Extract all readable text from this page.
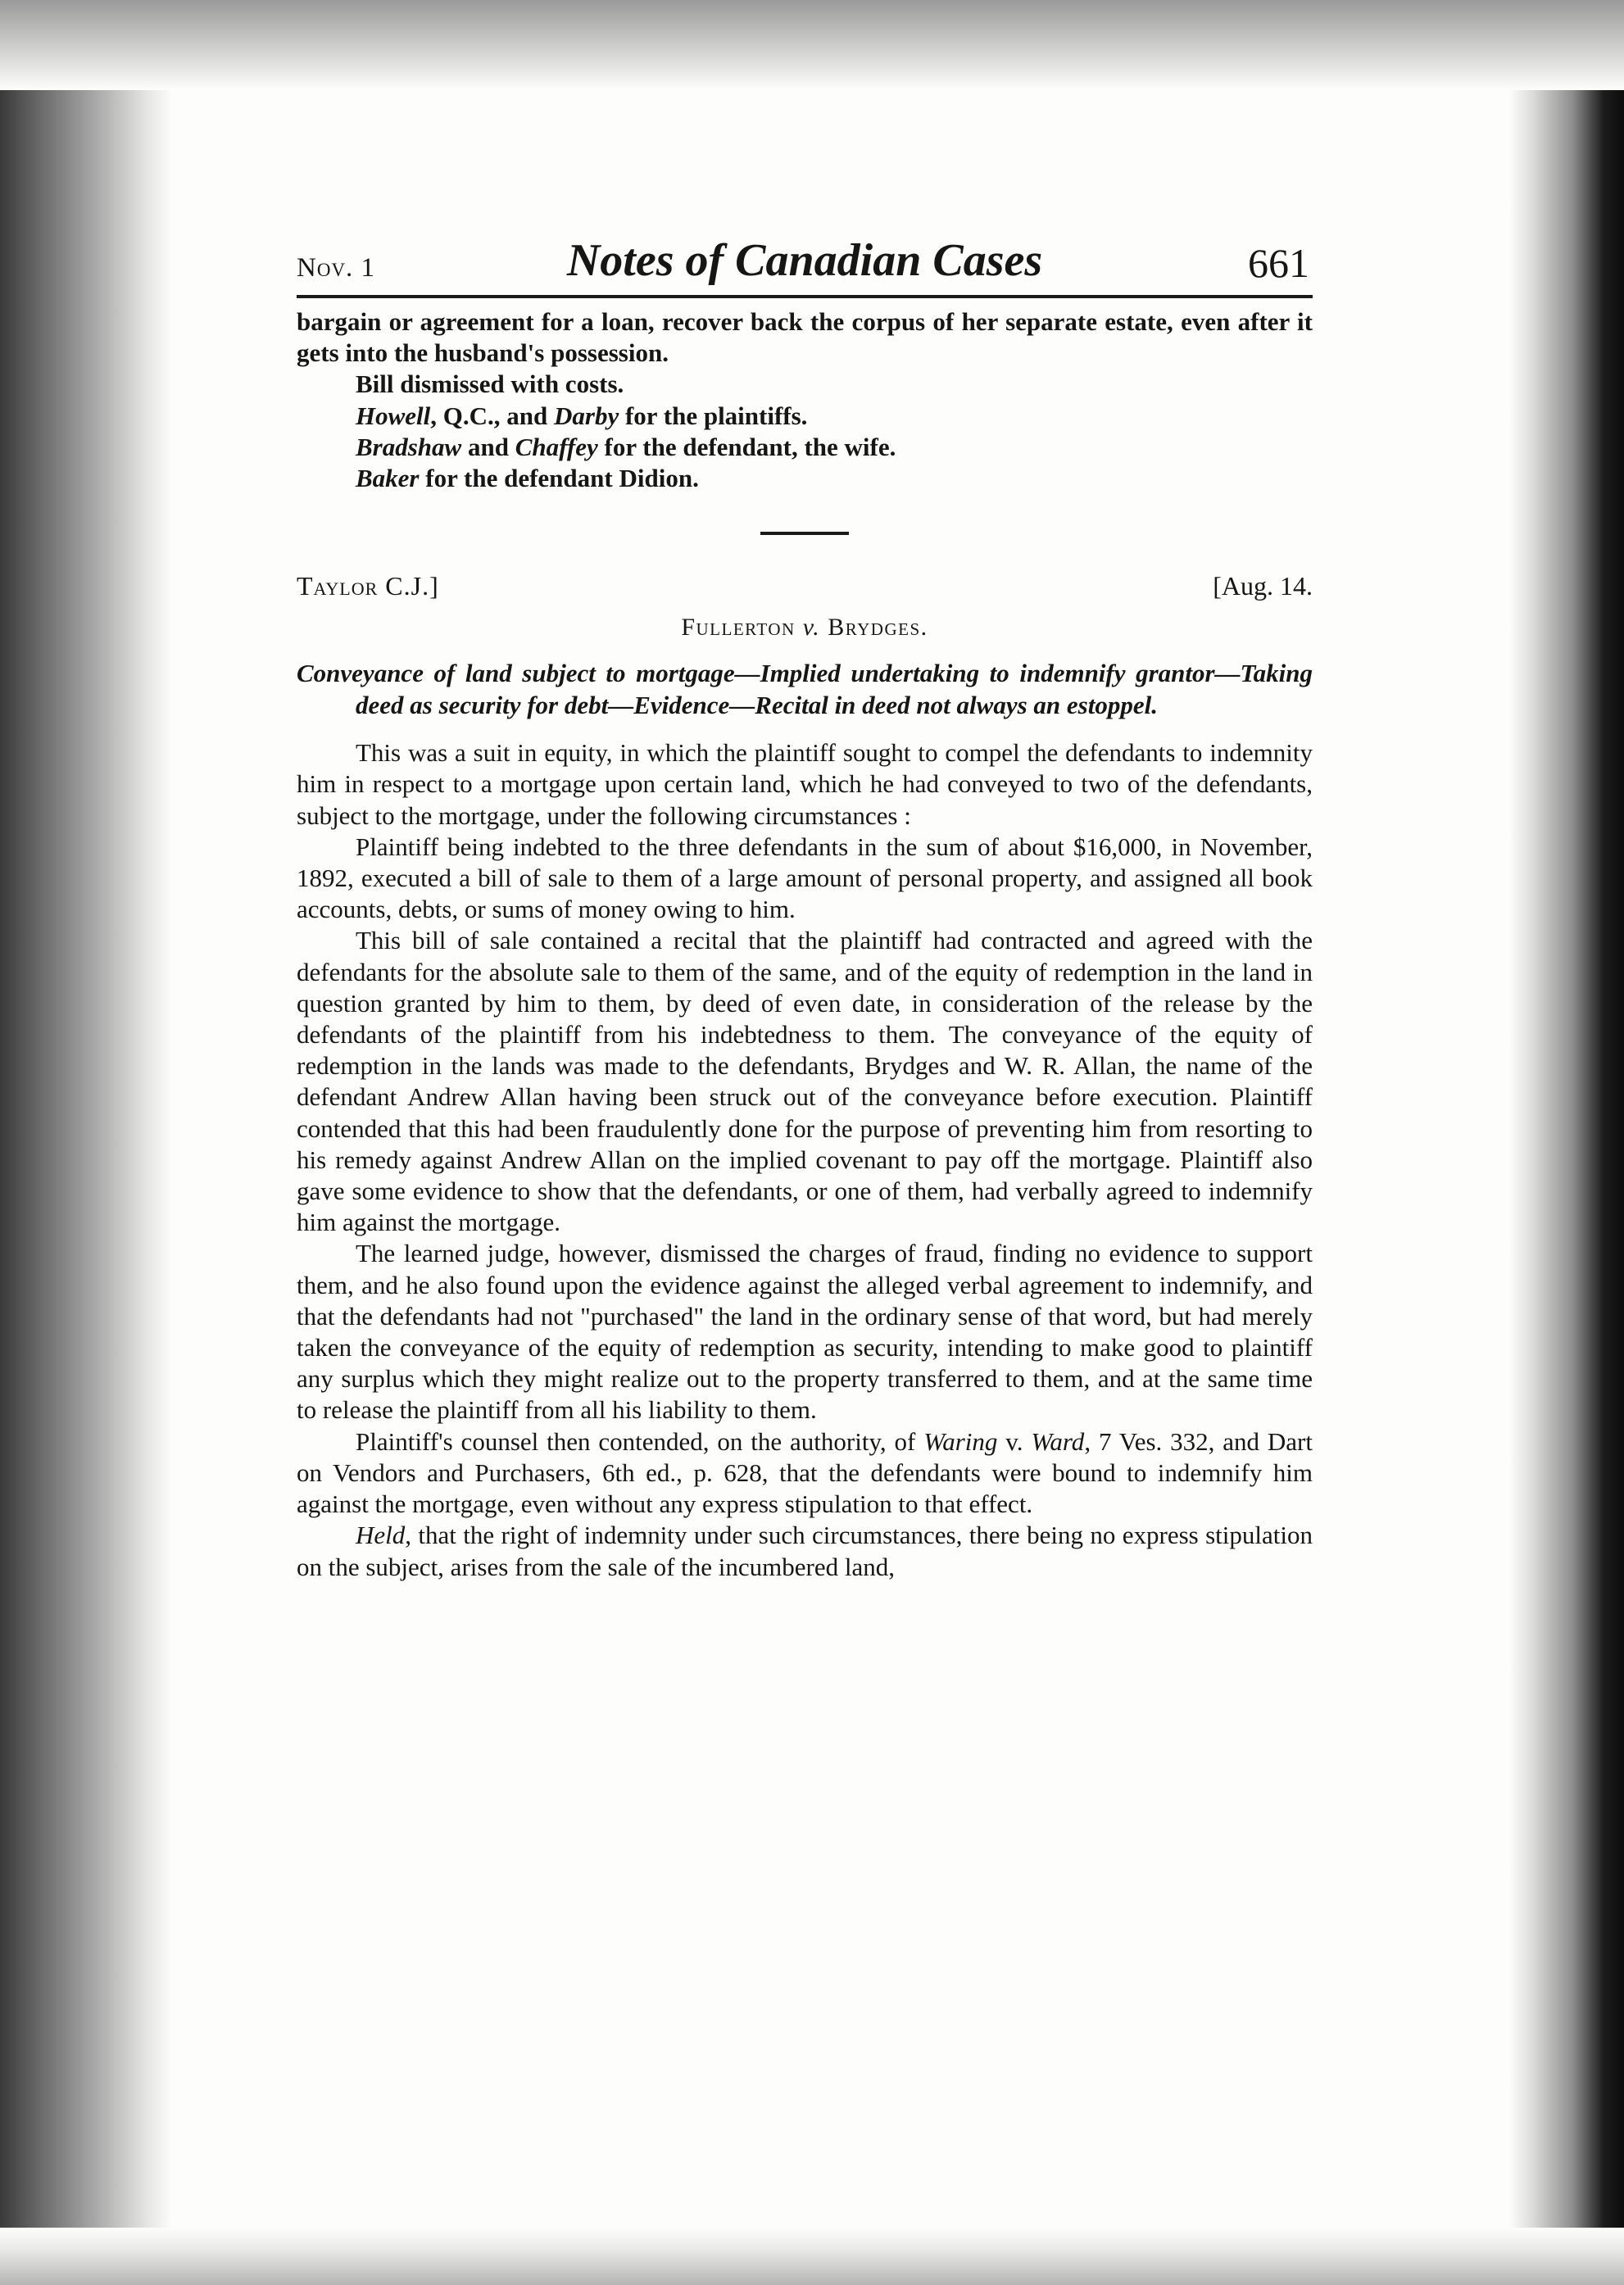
Nov. 1	Notes of Canadian Cases	661

bargain or agreement for a loan, recover back the corpus of her separate estate, even after it gets into the husband's possession.

Bill dismissed with costs.

Howell, Q.C., and Darby for the plaintiffs.

Bradshaw and Chaffey for the defendant, the wife.

Baker for the defendant Didion.

Taylor C.J.]	[Aug. 14.
Fullerton v. Brydges.

Conveyance of land subject to mortgage—Implied undertaking to indemnify grantor—Taking deed as security for debt—Evidence—Recital in deed not always an estoppel.

This was a suit in equity, in which the plaintiff sought to compel the defendants to indemnity him in respect to a mortgage upon certain land, which he had conveyed to two of the defendants, subject to the mortgage, under the following circumstances :

Plaintiff being indebted to the three defendants in the sum of about $16,000, in November, 1892, executed a bill of sale to them of a large amount of personal property, and assigned all book accounts, debts, or sums of money owing to him.

This bill of sale contained a recital that the plaintiff had contracted and agreed with the defendants for the absolute sale to them of the same, and of the equity of redemption in the land in question granted by him to them, by deed of even date, in consideration of the release by the defendants of the plaintiff from his indebtedness to them. The conveyance of the equity of redemption in the lands was made to the defendants, Brydges and W. R. Allan, the name of the defendant Andrew Allan having been struck out of the conveyance before execution. Plaintiff contended that this had been fraudulently done for the purpose of preventing him from resorting to his remedy against Andrew Allan on the implied covenant to pay off the mortgage. Plaintiff also gave some evidence to show that the defendants, or one of them, had verbally agreed to indemnify him against the mortgage.

The learned judge, however, dismissed the charges of fraud, finding no evidence to support them, and he also found upon the evidence against the alleged verbal agreement to indemnify, and that the defendants had not "purchased" the land in the ordinary sense of that word, but had merely taken the conveyance of the equity of redemption as security, intending to make good to plaintiff any surplus which they might realize out to the property transferred to them, and at the same time to release the plaintiff from all his liability to them.

Plaintiff's counsel then contended, on the authority, of Waring v. Ward, 7 Ves. 332, and Dart on Vendors and Purchasers, 6th ed., p. 628, that the defendants were bound to indemnify him against the mortgage, even without any express stipulation to that effect.

Held, that the right of indemnity under such circumstances, there being no express stipulation on the subject, arises from the sale of the incumbered land,
